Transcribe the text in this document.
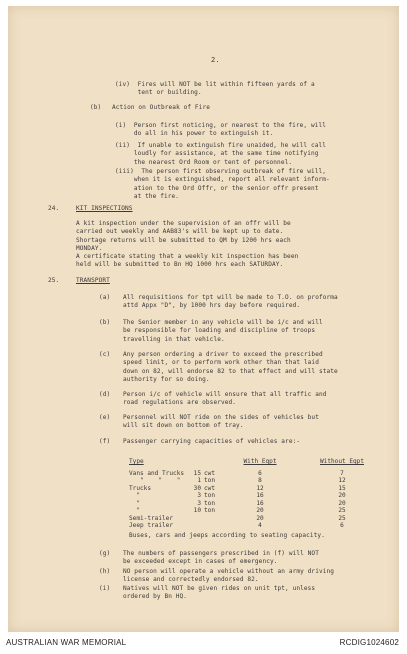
2.

(iv)  Fires will NOT be lit within fifteen yards of a
tent or building.

(b) Action on Outbreak of Fire

(i)  Person first noticing, or nearest to the fire, will
do all in his power to extinguish it.

(ii)  If unable to extinguish fire unaided, he will call
loudly for assistance, at the same time notifying
the nearest Ord Room or tent of personnel.

(iii)  The person first observing outbreak of fire will,
when it is extinguished, report all relevant inform-
ation to the Ord Offr, or the senior offr present
at the fire.

24.	KIT INSPECTIONS

A kit inspection under the supervision of an offr will be
carried out weekly and AAB83's will be kept up to date.
Shortage returns will be submitted to QM by 1200 hrs each
MONDAY.

A certificate stating that a weekly kit inspection has been
held will be submitted to Bn HQ 1000 hrs each SATURDAY.

25.	TRANSPORT

(a) All requisitions for tpt will be made to T.O. on proforma
attd Appx "D", by 1000 hrs day before required.

(b) The Senior member in any vehicle will be i/c and will
be responsible for loading and discipline of troops
travelling in that vehicle.

(c) Any person ordering a driver to exceed the prescribed
speed limit, or to perform work other than that laid
down on 82, will endorse 82 to that effect and will state
authority for so doing.

(d) Person i/c of vehicle will ensure that all traffic and
road regulations are observed.

(e) Personnel will NOT ride on the sides of vehicles but
will sit down on bottom of tray.

(f) Passenger carrying capacities of vehicles are:-

Type			With Eqpt		Without Eqpt

Vans and Trucks	15	cwt	6		7
"    "    "	1	ton	8		12
Trucks	30	cwt	12		15
"	3	ton	16		20
"	3	ton	16		20
"	10	ton	20		25
Semi-trailer			20		25
Jeep trailer			4		6

Buses, cars and jeeps according to seating capacity.

(g) The numbers of passengers prescribed in (f) will NOT
be exceeded except in cases of emergency.

(h) NO person will operate a vehicle without an army driving
license and correctedly endorsed 82.

(i) Natives will NOT be given rides on unit tpt, unless
ordered by Bn HQ.

AUSTRALIAN WAR MEMORIAL	RCDIG1024602
